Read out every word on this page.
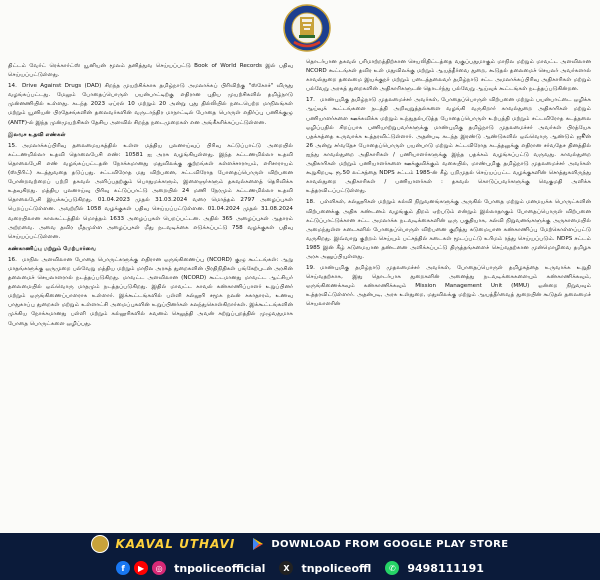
திட்டம் வேர்ட் ரெக்கார்ட்ஸ் யூனியன் மூலம் தனித்துவ செய்யப்பட்டு Book of World Records இல் பதிவு செய்யப்பட்டுள்ளது.

14. Drive Against Drugs (DAD) சிறந்த முயற்சிக்காக தமிழ்நாடு அமலாக்கப் பிரிவிற்கு "ஸ்கோச்" விருது வழங்கப்பட்டது. மேலும் போதைப்பொருள் பயன்பாட்டிற்கு எதிரான புதிய முயற்சிகளில் தமிழ்நாடு முன்னணியில் உள்ளது. கடந்த 2023 ஏப்ரல் 10 மற்றும் 20 அன்று புது தில்லியில் நடைபெற்ற மாநிலங்கள் மற்றும் யூனியன் பிரதேசங்களின் தலைவர்களின் வருடாந்திர மாநாட்டில் போதை பொருள் எதிர்ப்பு பணிக்குழு (ANTF)-ல் இந்த முன்முயற்சிகள் தேசிய அளவில் சிறந்த நடைமுறைகள் என அங்கீகரிக்கப்பட்டுள்ளன.

இலவச உதவி எண்கள்

15. அமலாக்கப்பிரிவு தலைமையகத்தில் உள்ள மத்திய புலனாய்வுப் பிரிவு கட்டுப்பாட்டு அறையில் கட்டணமில்லா உதவி தொலைபேசி எண்: 10581 ஐ அரசு வழங்கியுள்ளது. இந்த கட்டணமில்லா உதவி தொலைபேசி எண் வழங்கப்பட்டதன் நோக்கமானது மதுவிலக்கு குற்றங்கள் கள்ளச்சாராயம், எரிசாராயம் (ஸ்பிரிட்) கடத்துவதை தடுப்பது. சட்டவிரோத மது விற்பனை, சட்டவிரோத போதைப்பொருள் விற்பனை போன்றவற்றைப் பற்றி தகவல் அளிப்பதற்கும் பொதுமக்களும், இளைஞர்களும் தகவல்களைத் தெரிவிக்க உதவுகிறது. மத்திய புலனாய்வு பிரிவு கட்டுப்பாட்டு அறையில் 24 மணி நேரமும் கட்டணமில்லா உதவி தொலைபேசி இயக்கப்படுகிறது. 01.04.2023 முதல் 31.03.2024 வரை மொத்தம் 2797 அழைப்புகள் பெறப்பட்டுள்ளன. அவற்றில் 1058 வழக்குகள் பதிவு செய்யப்பட்டுள்ளன. 01.04.2024 முதல் 31.08.2024 வரையிலான காலகட்டத்தில் மொத்தம் 1633 அழைப்புகள் பெறப்பட்டன. அதில் 365 அழைப்புகள் ஆதாரம் அற்றவை. அவை தவிர மீதமுள்ள அழைப்புகள் மீது நடவடிக்கை எடுக்கப்பட்டு 758 வழக்குகள் பதிவு செய்யப்பட்டுள்ளன.

கண்காணிப்பு மற்றும் மேற்பார்வை

16. மாநில அளவிலான போதை பொருட்களுக்கு எதிரான ஒருங்கிணைப்பு (NCORD) குழு கூட்டங்கள்: ஆறு மாதங்களுக்கு ஒருமுறை பல்வேறு மத்திய மற்றும் மாநில அரசுத் துறைகளின் பிரதிநிதிகள் பங்கேற்புடன் அரசின் தலைமைச் செயலாளரால் நடத்தப்படுகிறது. மாவட்ட அளவிலான (NCORD) கூட்டமானது மாவட்ட ஆட்சியர் தலைமையில் ஒவ்வொரு மாதமும் நடத்தப்படுகிறது. இதில் மாவட்ட காவல் கண்காணிப்பாளர் உறுப்பினர் மற்றும் ஒருங்கிணைப்பாளராக உள்ளார். இக்கூட்டங்களில் பள்ளி கல்லூரி சமூக நலன் சுகாதாரம், உணவு பாதுகாப்பு துறைகள் மற்றும் உள்ளாட்சி அமைப்புகளின் உறுப்பினர்கள் கலந்துகொள்கிறார்கள். இக்கூட்டங்களின் முக்கிய நோக்கமானது பள்ளி மற்றும் கல்லூரிகளில் கவனம் செலுத்தி அவன் சுற்றுப்புறத்தில் முழுவதுமாக போதை பொருட்களை ஒழிப்பது.

தொடர்பான தகவல் பரிமாற்றத்திற்கான செயலிதிட்டத்தை வகுப்பதுமாகும் மாநில மற்றும் மாவட்ட அளவிலான NCORD கூட்டங்கள் தவிர உள் மதுவிலக்கு மற்றும் ஆயத்தீர்வை துறை, கூடுதல் தலைமைச் செயலர் அவர்களால் காவல்துறை தலைமை இயக்குநர் மற்றும் படைத்தலைவர் தமிழ்நாடு சட்ட அமலாக்கப்பிரிவு அதிகாரிகள் மற்றும் பல்வேறு அரசுத் துறைகளின் அதிகாரிகளுடன் தொடர்ந்து பல்வேறு ஆய்வுக் கூட்டங்கள் நடத்தப்படுகின்றன.

17. மாண்புமிகு தமிழ்நாடு முதலமைச்சர் அவர்கள், போதைப்பொருள் விற்பனை மற்றும் பயன்பாட்டை ஒழிக்க ஆய்வுக் கூட்டங்களை நடத்தி அறிவுறுத்தல்களை வழங்கி வருகிறார் காவல்துறை அதிகாரிகள் மற்றும் பணியாளர்களை ஊக்கவிக்க மற்றும் உந்துதல்படுத்த போதைப்பொருள் உற்பத்தி மற்றும் சட்டவிரோத கடத்தலை ஒழிப்பதில் சிறப்பாக பணியாற்றுபவர்களுக்கு மாண்புமிகு தமிழ்நாடு முதலமைச்சர் அவர்கள் பிரத்யேக பதக்கத்தை உருவாக்க உத்தரவிட்டுள்ளார். அதன்படி கடந்த இரண்டு ஆண்டுகளில் ஒவ்வொரு ஆண்டும் ஜூன் 26 அன்று சர்வதேச போதைப்பொருள் பயன்பாடு மற்றும் சட்டவிரோத கடத்தலுக்கு எதிரான சர்வதேச தினத்தில் ஐந்து காவல்துறை அதிகாரிகள் / பணியாளர்களுக்கு இந்த பதக்கம் வழங்கப்பட்டு வருவது. காவல்துறை அதிகாரிகள் மற்றும் பணியாளர்களை ஊக்குவிக்கும் வகையில், மாண்புமிகு தமிழ்நாடு முதலமைச்சர் அவர்கள் கூறுகிறபடி ரூ.50 லட்சத்தை NDPS சட்டம் 1985-ன் கீழ் பறிமுதல் செய்யப்பட்ட வழக்குகளின் சொத்துகளிருந்து காவல்துறை அதிகாரிகள் / பணியாளர்கள் : தகவல் கொடுப்பவர்களுக்கு வெகுமதி அளிக்க உத்தரவிடப்பட்டுள்ளது.

18. பள்ளிகள், கல்லூரிகள் மற்றும் கல்வி நிறுவனங்களுக்கு அருகில் போதை மற்றும் மனமயக்க பொருட்களின் விற்பனைக்கு அதிக கண்டனம் வழங்கும் திறம் ஏற்படும் என்றும் இல்லாதாகும் போதைப்பொருள் விற்பனை கட்டுப்பாட்டுக்கான சட்ட அமலாக்க நடவடிக்கைகளின் ஒரு பகுதியாக, கல்வி நிறுவனங்களுக்கு அருகாமையில் அமைந்துள்ள கடைகளில் போதைப்பொருள் விற்பனை குறித்து கடுமையான கண்காணிப்பு மேற்கொள்ளப்பட்டு வருகிறது. இவ்வாறு குற்றம் செய்யும் பட்சத்தில் கடைகள் மூடப்பட்டு உரிமம் ரத்து செய்யப்படும். NDPS சட்டம் 1985 இன் கீழ் கடுமையான தண்டனை அளிக்கப்பட்டு திருத்தங்களைச் செய்வதற்கான முன்மொழிவை தமிழக அரசு அனுப்பியுள்ளது.

19. மாண்புமிகு தமிழ்நாடு முதலமைச்சர் அவர்கள், போதைப்பொருள் தமிழகத்தை உருவாக்க உறுதி செய்வதற்காக, இது தொடர்பாக துறைகளின் அனைத்து நடவடிக்கைகளையும் கண்காணிக்கவும், ஒருங்கிணைக்கவும் கண்காணிக்கவும் Mission Management Unit (MMU) ஒன்றை நிறுவவும் உத்தரவிட்டுள்ளார். அதன்படி, அரசு உள்துறை, மதுவிலக்கு மற்றும் ஆயத்தீர்வைத் துறையின் கூடுதல் தலைமைச் செயலாளரின்

KAAVAL UTHAVI	DOWNLOAD FROM GOOGLE PLAY STORE
f	▶	◎	tnpoliceofficial	X	tnpoliceoffl	✆	9498111191
